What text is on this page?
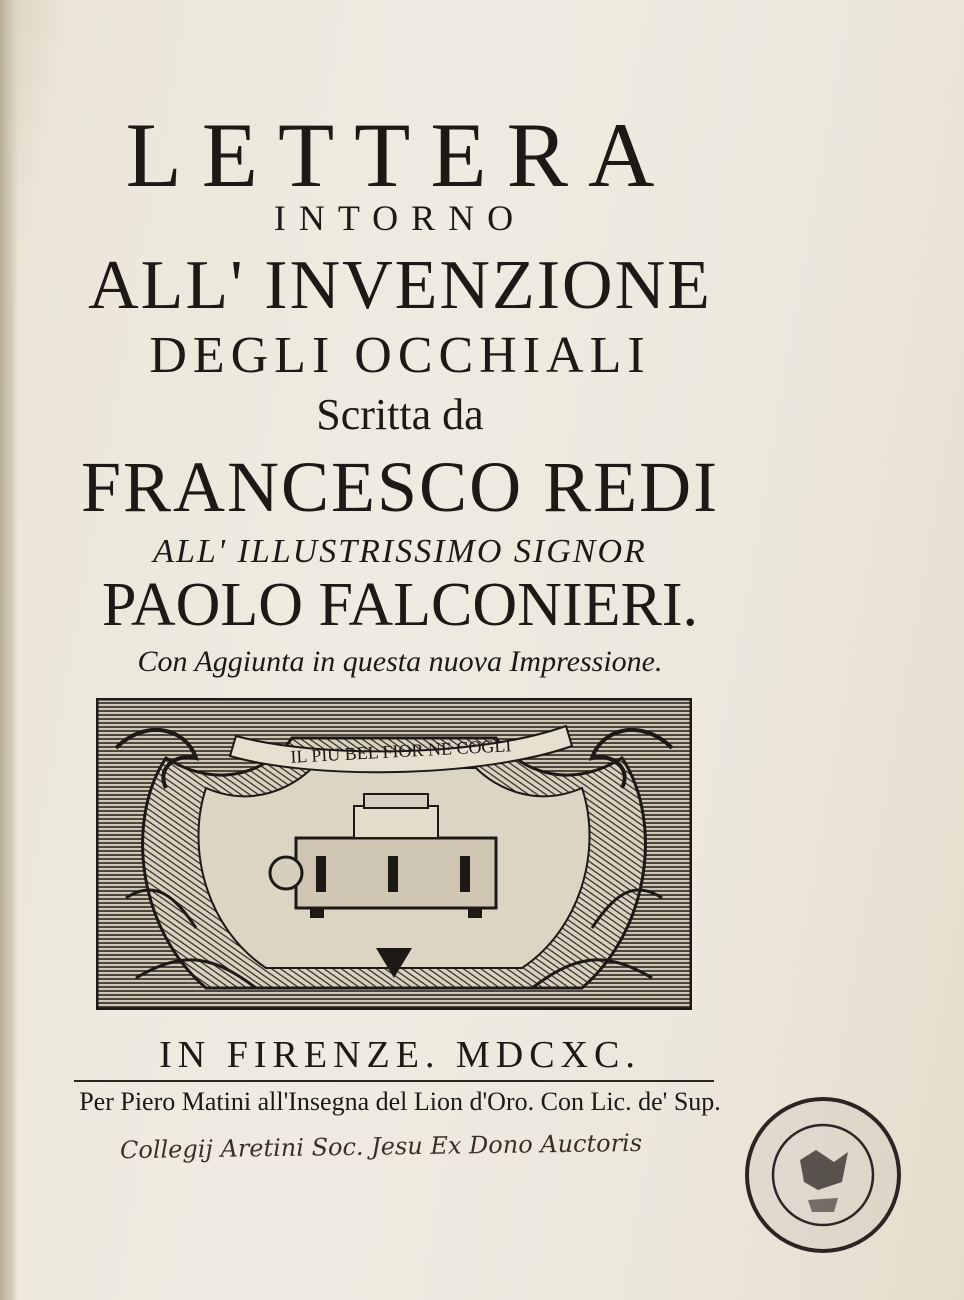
LETTERA
INTORNO
ALL' INVENZIONE
DEGLI OCCHIALI
Scritta da
FRANCESCO REDI
ALL' ILLUSTRISSIMO SIGNOR
PAOLO FALCONIERI.
Con Aggiunta in questa nuova Impressione.
IL PIU BEL FIOR NE COGLI
IN FIRENZE. MDCXC.
Per Piero Matini all'Insegna del Lion d'Oro. Con Lic. de' Sup.
Collegij Aretini Soc. Jesu Ex Dono Auctoris
